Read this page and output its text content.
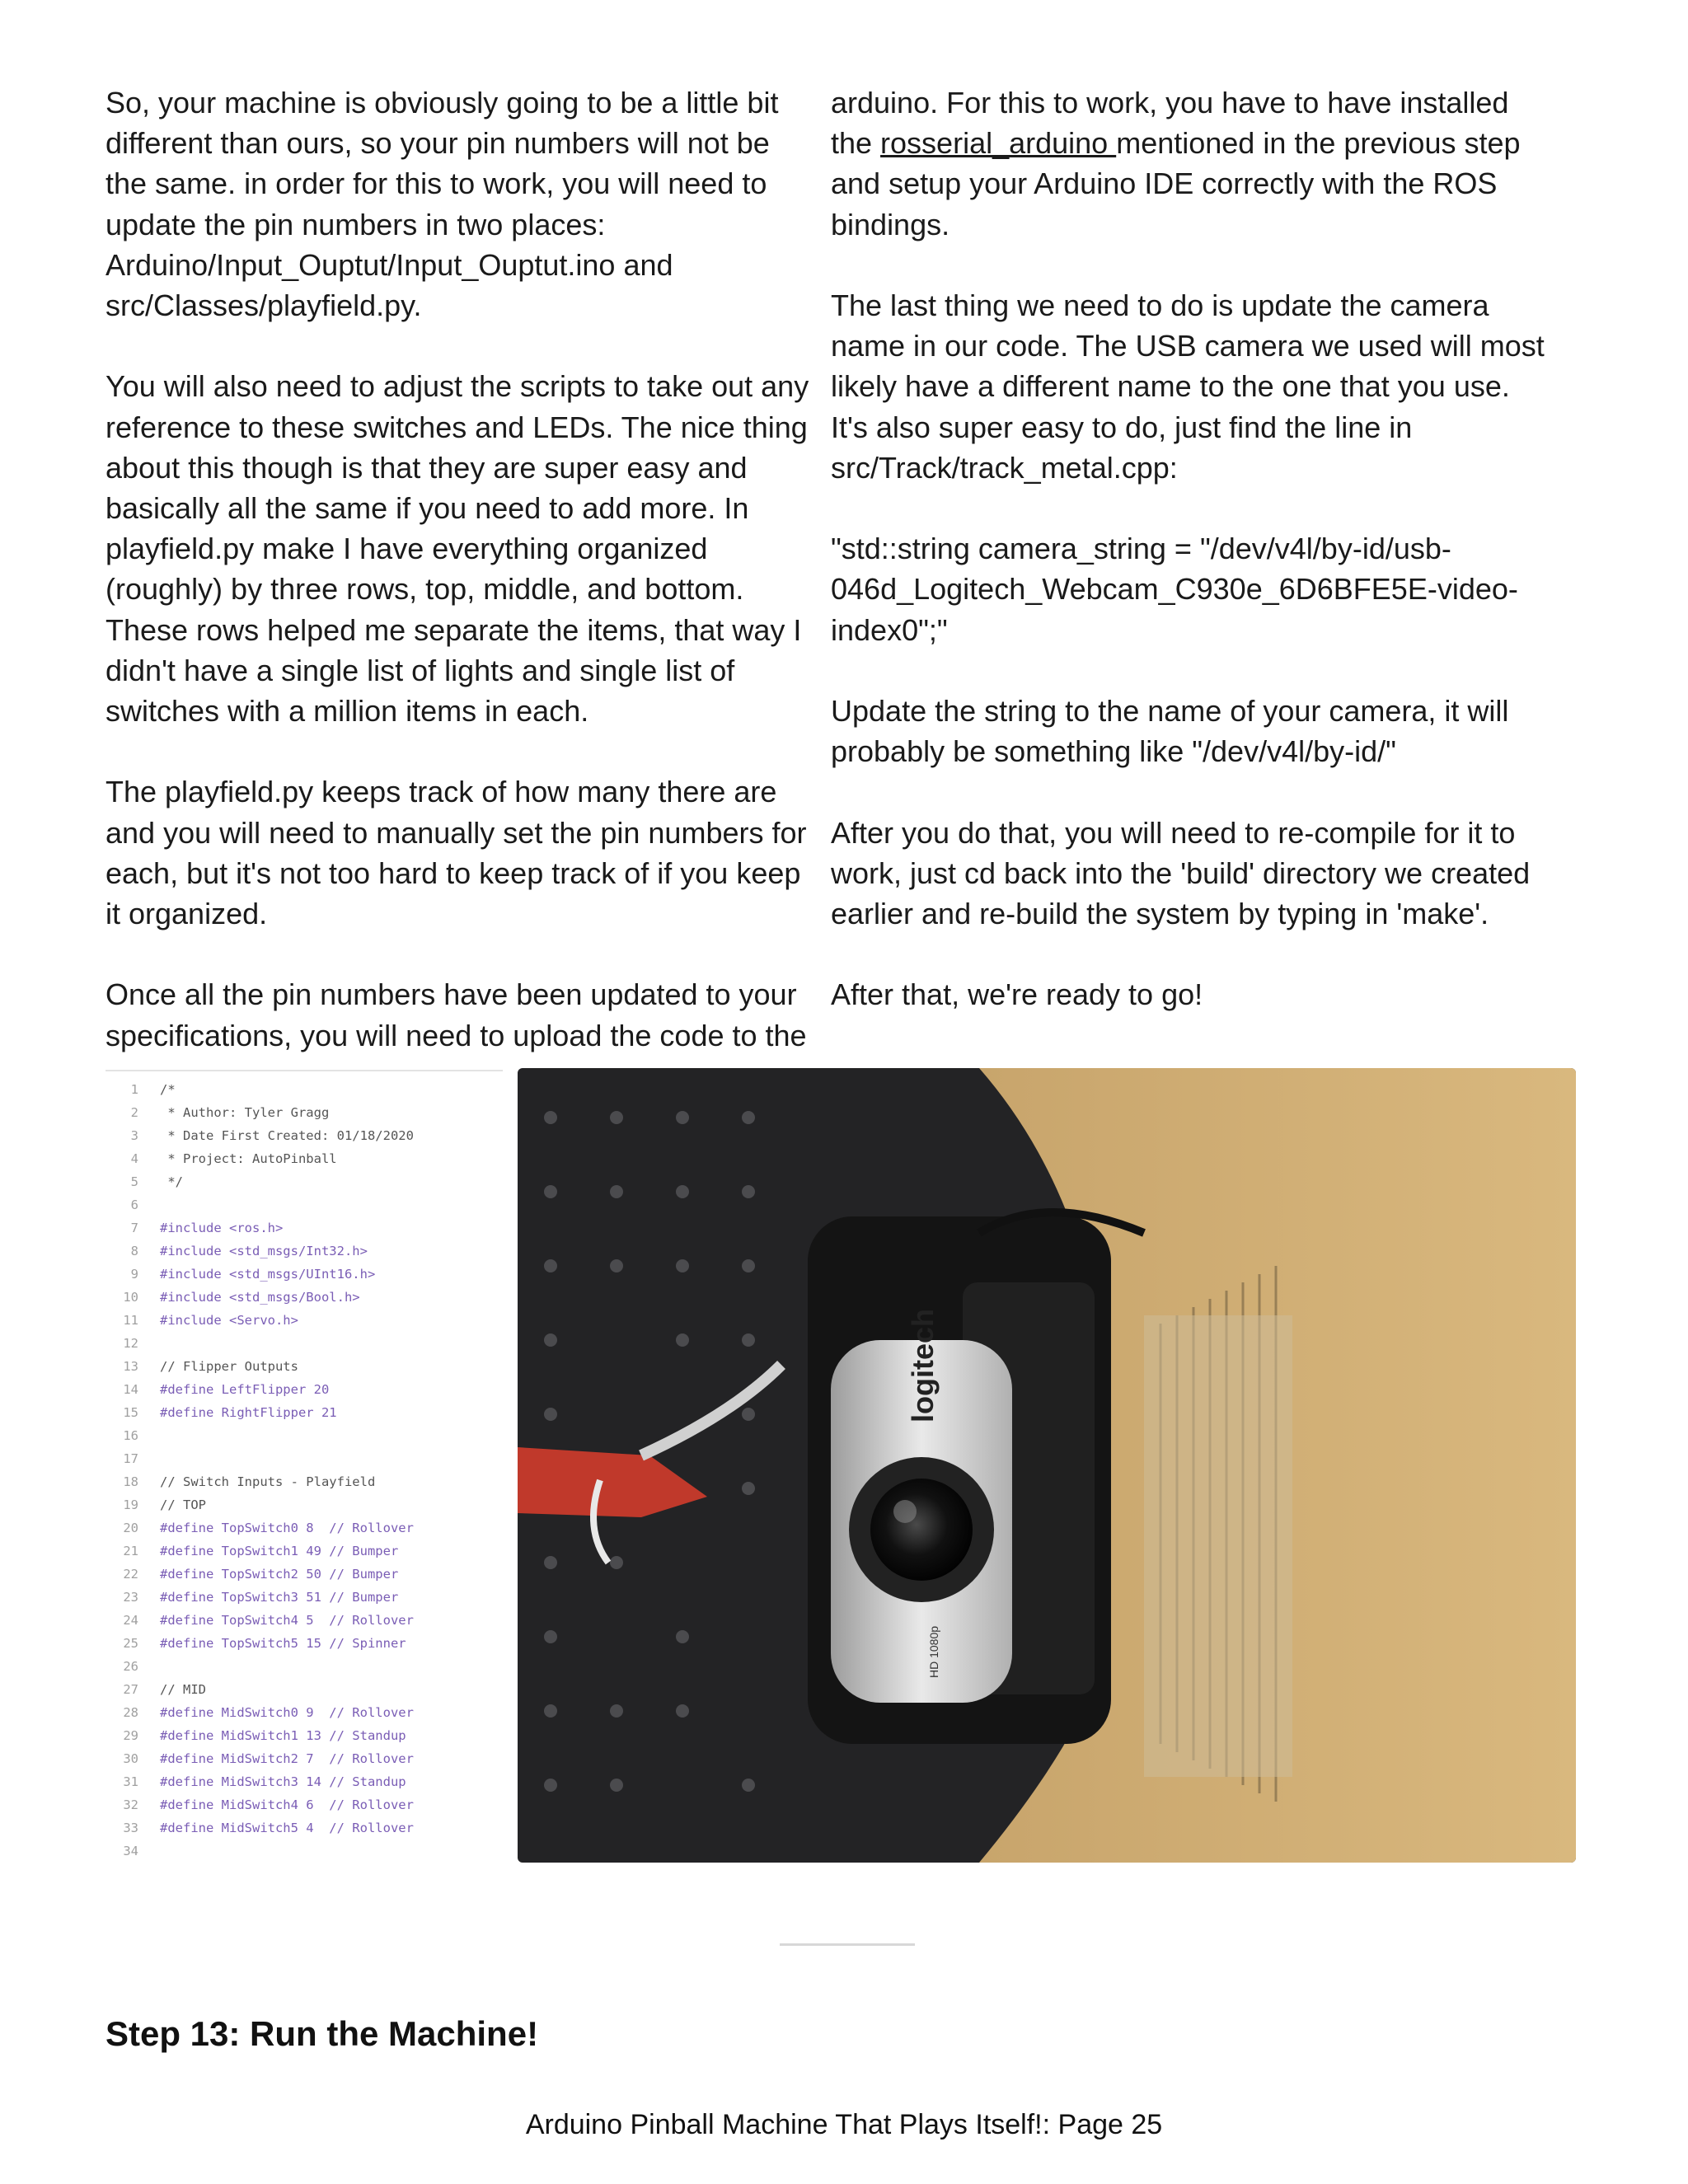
So, your machine is obviously going to be a little bit
different than ours, so your pin numbers will not be
the same. in order for this to work, you will need to
update the pin numbers in two places:
Arduino/Input_Ouptut/Input_Ouptut.ino and
src/Classes/playfield.py.

You will also need to adjust the scripts to take out any
reference to these switches and LEDs. The nice thing
about this though is that they are super easy and
basically all the same if you need to add more. In
playfield.py make I have everything organized
(roughly) by three rows, top, middle, and bottom.
These rows helped me separate the items, that way I
didn't have a single list of lights and single list of
switches with a million items in each.

The playfield.py keeps track of how many there are
and you will need to manually set the pin numbers for
each, but it's not too hard to keep track of if you keep
it organized.

Once all the pin numbers have been updated to your
specifications, you will need to upload the code to the

arduino. For this to work, you have to have installed
the rosserial_arduino mentioned in the previous step
and setup your Arduino IDE correctly with the ROS
bindings.

The last thing we need to do is update the camera
name in our code. The USB camera we used will most
likely have a different name to the one that you use.
It's also super easy to do, just find the line in
src/Track/track_metal.cpp:

"std::string camera_string = "/dev/v4l/by-id/usb-
046d_Logitech_Webcam_C930e_6D6BFE5E-video-
index0";"

Update the string to the name of your camera, it will
probably be something like "/dev/v4l/by-id/"

After you do that, you will need to re-compile for it to
work, just cd back into the 'build' directory we created
earlier and re-build the system by typing in 'make'.

After that, we're ready to go!

1 /*
2 * Author: Tyler Gragg
3 * Date First Created: 01/18/2020
4 * Project: AutoPinball
5 */
6
7 #include <ros.h>
8 #include <std_msgs/Int32.h>
9 #include <std_msgs/UInt16.h>
10 #include <std_msgs/Bool.h>
11 #include <Servo.h>
12
13 // Flipper Outputs
14 #define LeftFlipper 20
15 #define RightFlipper 21
16
17
18 // Switch Inputs - Playfield
19 // TOP
20 #define TopSwitch0 8  // Rollover
21 #define TopSwitch1 49 // Bumper
22 #define TopSwitch2 50 // Bumper
23 #define TopSwitch3 51 // Bumper
24 #define TopSwitch4 5  // Rollover
25 #define TopSwitch5 15 // Spinner
26
27 // MID
28 #define MidSwitch0 9  // Rollover
29 #define MidSwitch1 13 // Standup
30 #define MidSwitch2 7  // Rollover
31 #define MidSwitch3 14 // Standup
32 #define MidSwitch4 6  // Rollover
33 #define MidSwitch5 4  // Rollover
34
logitech
HD 1080p
Step 13: Run the Machine!
Arduino Pinball Machine That Plays Itself!: Page 25
